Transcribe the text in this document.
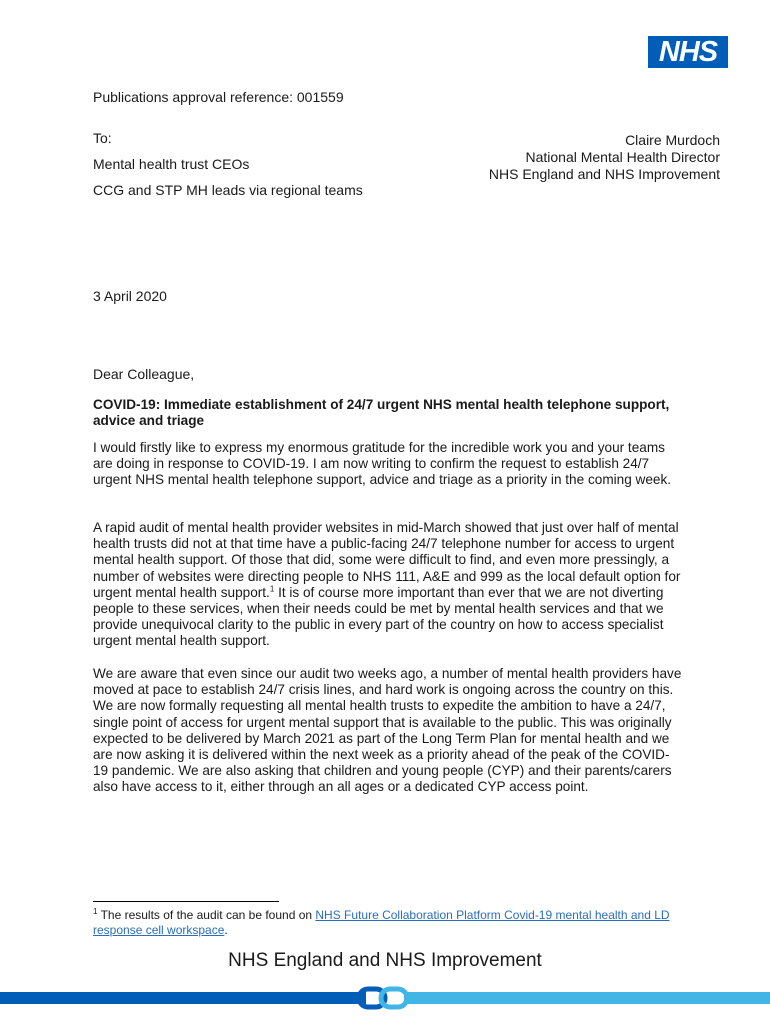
NHS
Publications approval reference: 001559
To:
Mental health trust CEOs
CCG and STP MH leads via regional teams
Claire Murdoch
National Mental Health Director
NHS England and NHS Improvement
3 April 2020
Dear Colleague,

COVID-19: Immediate establishment of 24/7 urgent NHS mental health telephone support, advice and triage

I would firstly like to express my enormous gratitude for the incredible work you and your teams are doing in response to COVID-19. I am now writing to confirm the request to establish 24/7 urgent NHS mental health telephone support, advice and triage as a priority in the coming week.

A rapid audit of mental health provider websites in mid-March showed that just over half of mental health trusts did not at that time have a public-facing 24/7 telephone number for access to urgent mental health support. Of those that did, some were difficult to find, and even more pressingly, a number of websites were directing people to NHS 111, A&E and 999 as the local default option for urgent mental health support.$^1$ It is of course more important than ever that we are not diverting people to these services, when their needs could be met by mental health services and that we provide unequivocal clarity to the public in every part of the country on how to access specialist urgent mental health support.

We are aware that even since our audit two weeks ago, a number of mental health providers have moved at pace to establish 24/7 crisis lines, and hard work is ongoing across the country on this. We are now formally requesting all mental health trusts to expedite the ambition to have a 24/7, single point of access for urgent mental support that is available to the public. This was originally expected to be delivered by March 2021 as part of the Long Term Plan for mental health and we are now asking it is delivered within the next week as a priority ahead of the peak of the COVID-19 pandemic. We are also asking that children and young people (CYP) and their parents/carers also have access to it, either through an all ages or a dedicated CYP access point.

$^1$ The results of the audit can be found on NHS Future Collaboration Platform Covid-19 mental health and LD response cell workspace.
NHS England and NHS Improvement
